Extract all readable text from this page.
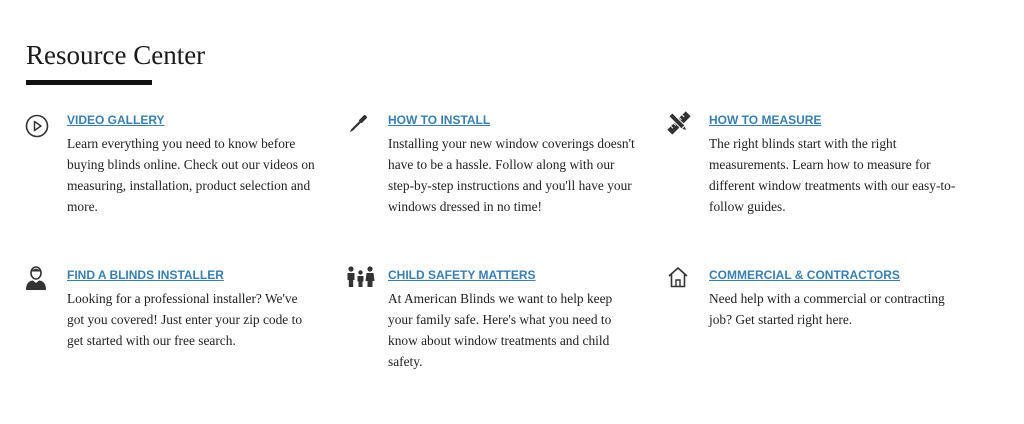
Resource Center
VIDEO GALLERY

Learn everything you need to know before buying blinds online. Check out our videos on measuring, installation, product selection and more.

HOW TO INSTALL

Installing your new window coverings doesn't have to be a hassle. Follow along with our step-by-step instructions and you'll have your windows dressed in no time!

HOW TO MEASURE

The right blinds start with the right measurements. Learn how to measure for different window treatments with our easy-to-follow guides.

FIND A BLINDS INSTALLER

Looking for a professional installer? We've got you covered! Just enter your zip code to get started with our free search.

CHILD SAFETY MATTERS

At American Blinds we want to help keep your family safe. Here's what you need to know about window treatments and child safety.

COMMERCIAL & CONTRACTORS

Need help with a commercial or contracting job? Get started right here.
